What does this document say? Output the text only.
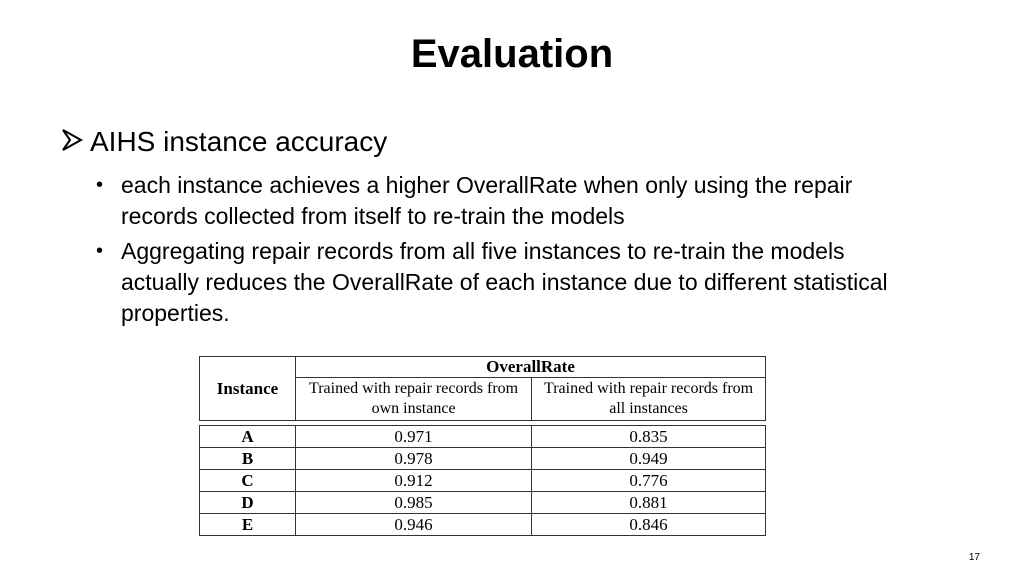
Evaluation
AIHS instance accuracy
• each instance achieves a higher OverallRate when only using the repair records collected from itself to re-train the models
• Aggregating repair records from all five instances to re-train the models actually reduces the OverallRate of each instance due to different statistical properties.
Instance	OverallRate	
	Trained with repair records from own instance	Trained with repair records from all instances

A	0.971	0.835
B	0.978	0.949
C	0.912	0.776
D	0.985	0.881
E	0.946	0.846
17
